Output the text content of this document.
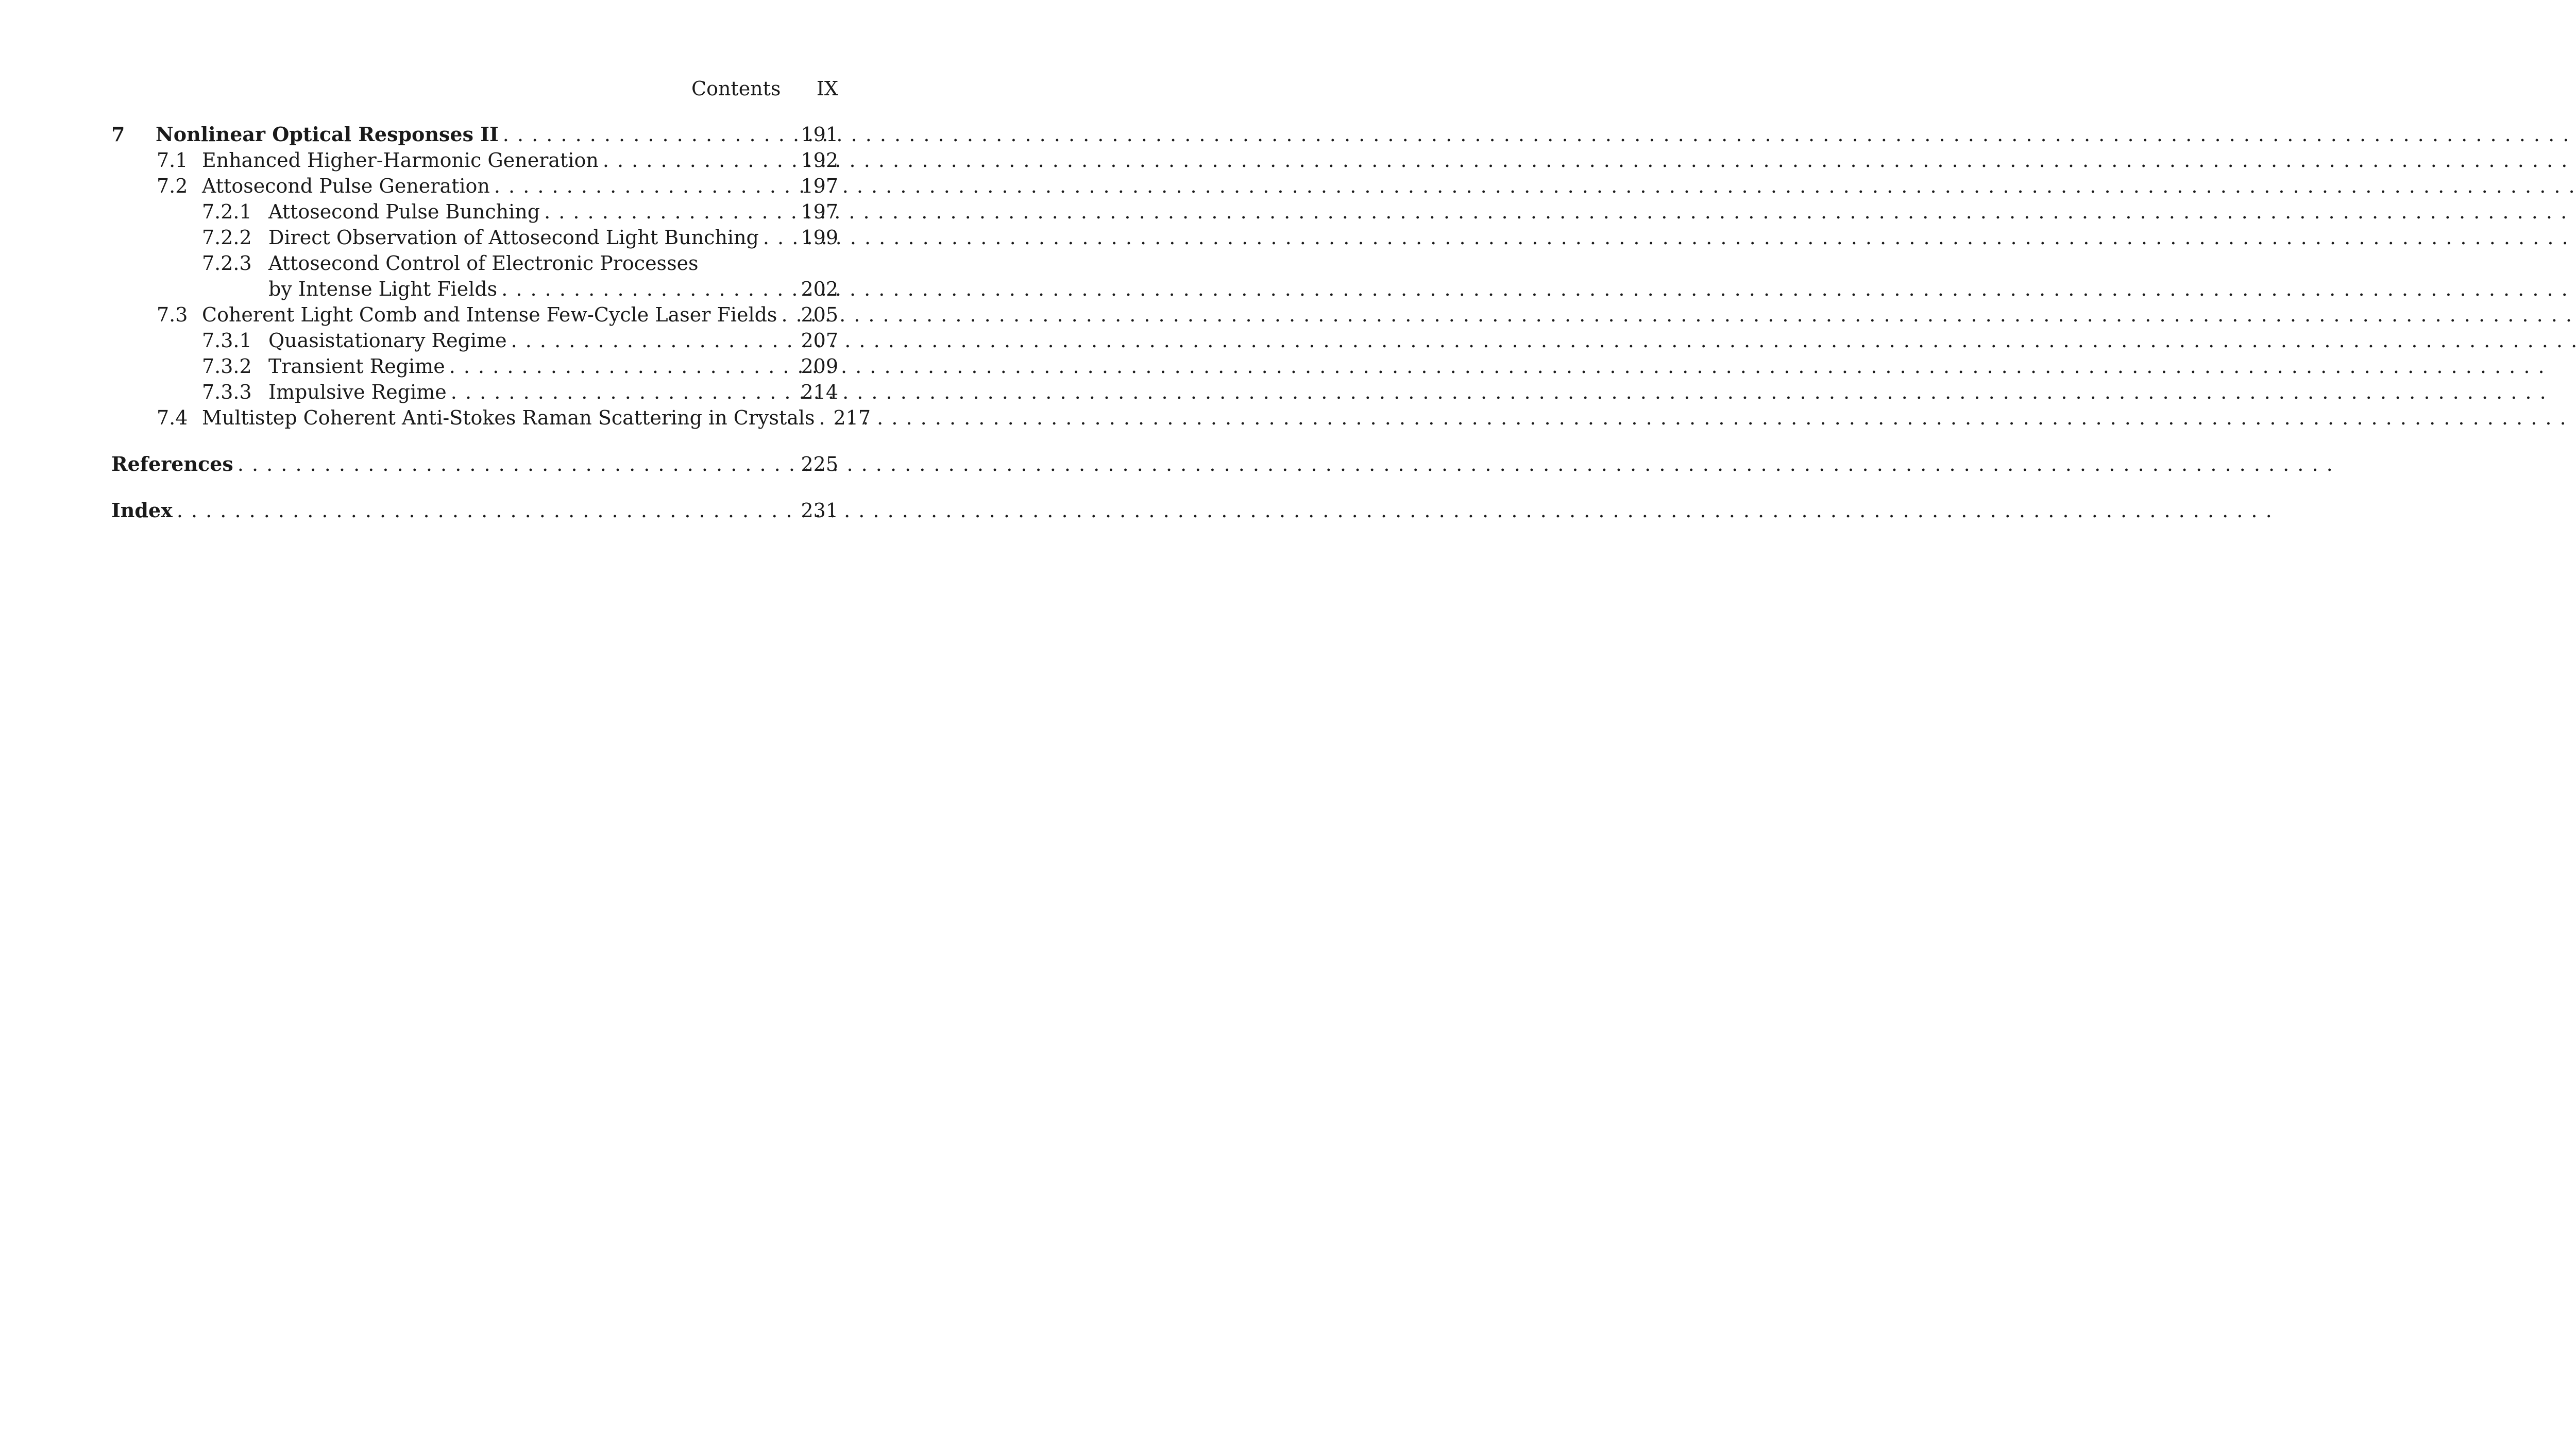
Contents IX
7	Nonlinear Optical Responses II . . .	191
7.1 Enhanced Higher-Harmonic Generation . . .	192
7.2 Attosecond Pulse Generation . . .	197
7.2.1 Attosecond Pulse Bunching . . .	197
7.2.2 Direct Observation of Attosecond Light Bunching . . . 199
7.2.3 Attosecond Control of Electronic Processes
by Intense Light Fields . . .	202
7.3 Coherent Light Comb and Intense Few-Cycle Laser Fields . . . 205
7.3.1 Quasistationary Regime . . .	207
7.3.2 Transient Regime . . .	209
7.3.3 Impulsive Regime . . .	214
7.4 Multistep Coherent Anti-Stokes Raman Scattering in Crystals . . . 217
References . . .	225
Index . . .	231
